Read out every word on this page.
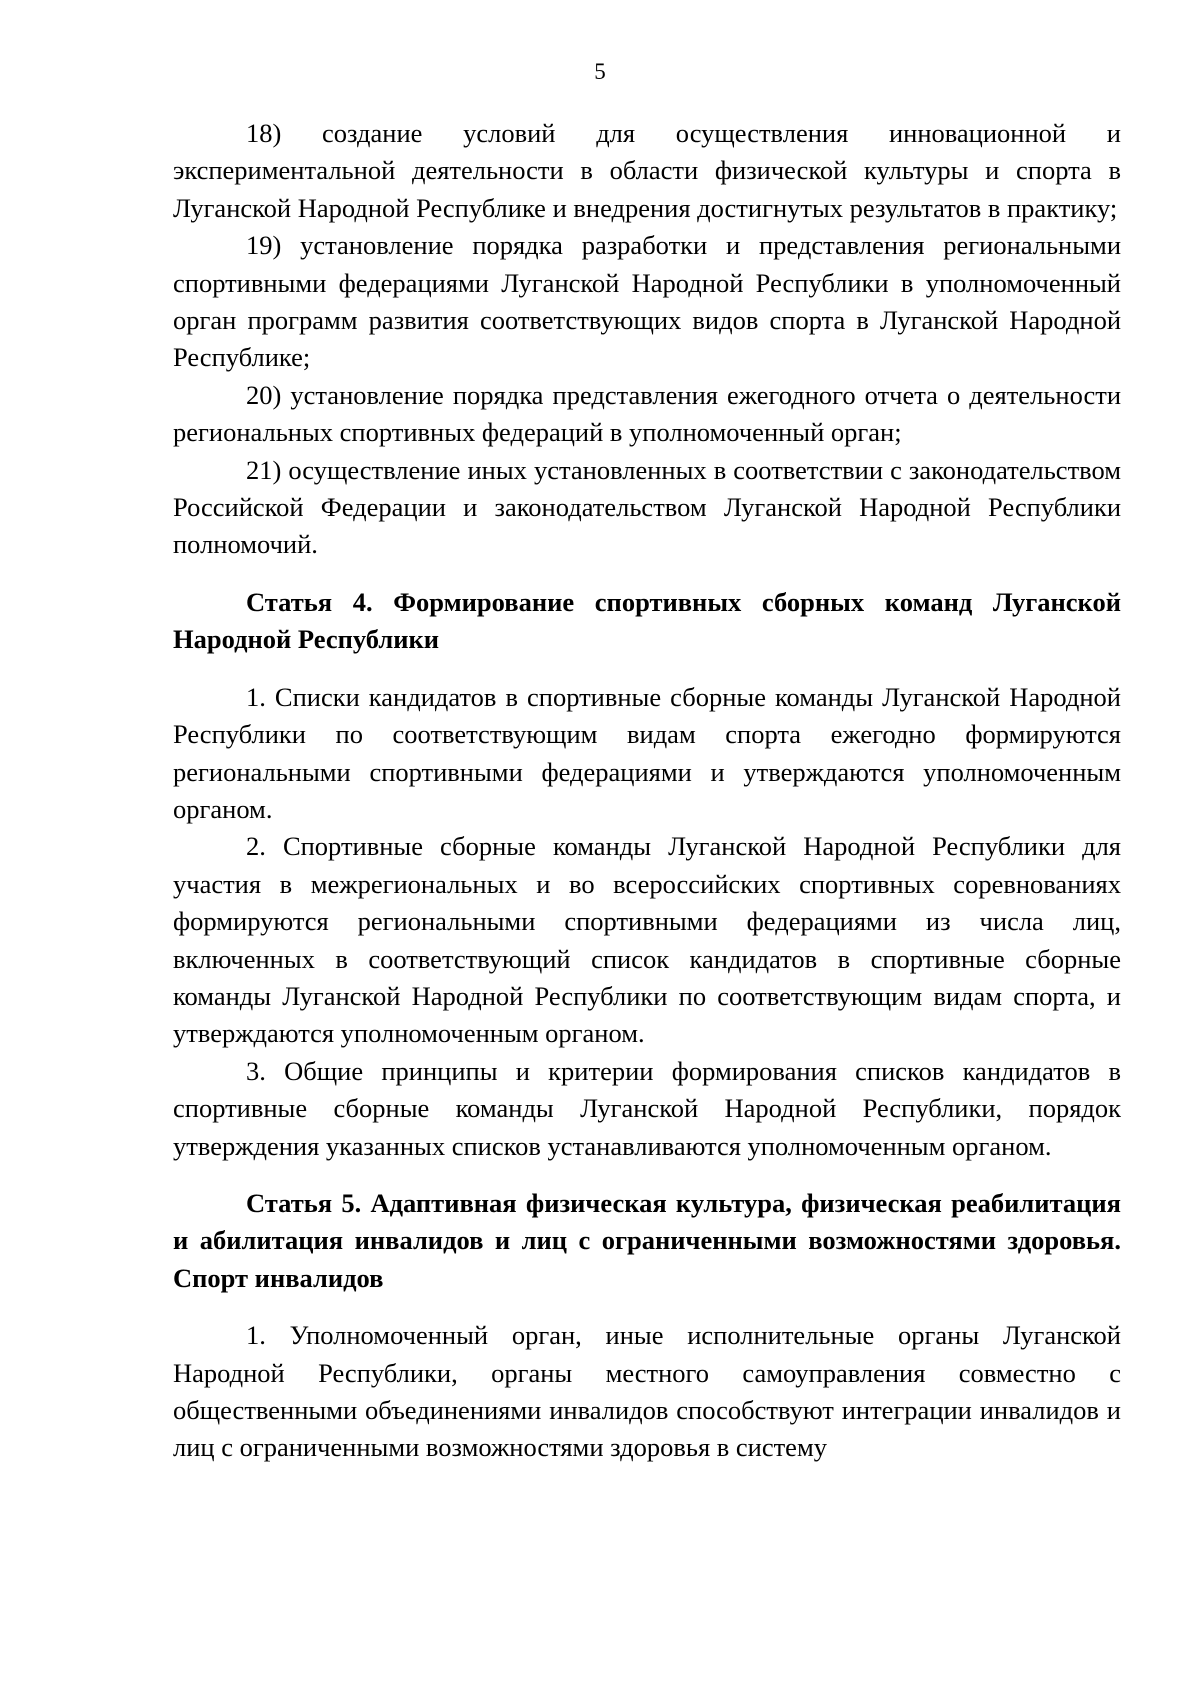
5

18) создание условий для осуществления инновационной и экспериментальной деятельности в области физической культуры и спорта в Луганской Народной Республике и внедрения достигнутых результатов в практику;

19) установление порядка разработки и представления региональными спортивными федерациями Луганской Народной Республики в уполномоченный орган программ развития соответствующих видов спорта в Луганской Народной Республике;

20) установление порядка представления ежегодного отчета о деятельности региональных спортивных федераций в уполномоченный орган;

21) осуществление иных установленных в соответствии с законодательством Российской Федерации и законодательством Луганской Народной Республики полномочий.

Статья 4. Формирование спортивных сборных команд Луганской Народной Республики

1. Списки кандидатов в спортивные сборные команды Луганской Народной Республики по соответствующим видам спорта ежегодно формируются региональными спортивными федерациями и утверждаются уполномоченным органом.

2. Спортивные сборные команды Луганской Народной Республики для участия в межрегиональных и во всероссийских спортивных соревнованиях формируются региональными спортивными федерациями из числа лиц, включенных в соответствующий список кандидатов в спортивные сборные команды Луганской Народной Республики по соответствующим видам спорта, и утверждаются уполномоченным органом.

3. Общие принципы и критерии формирования списков кандидатов в спортивные сборные команды Луганской Народной Республики, порядок утверждения указанных списков устанавливаются уполномоченным органом.

Статья 5. Адаптивная физическая культура, физическая реабилитация и абилитация инвалидов и лиц с ограниченными возможностями здоровья. Спорт инвалидов

1. Уполномоченный орган, иные исполнительные органы Луганской Народной Республики, органы местного самоуправления совместно с общественными объединениями инвалидов способствуют интеграции инвалидов и лиц с ограниченными возможностями здоровья в систему
